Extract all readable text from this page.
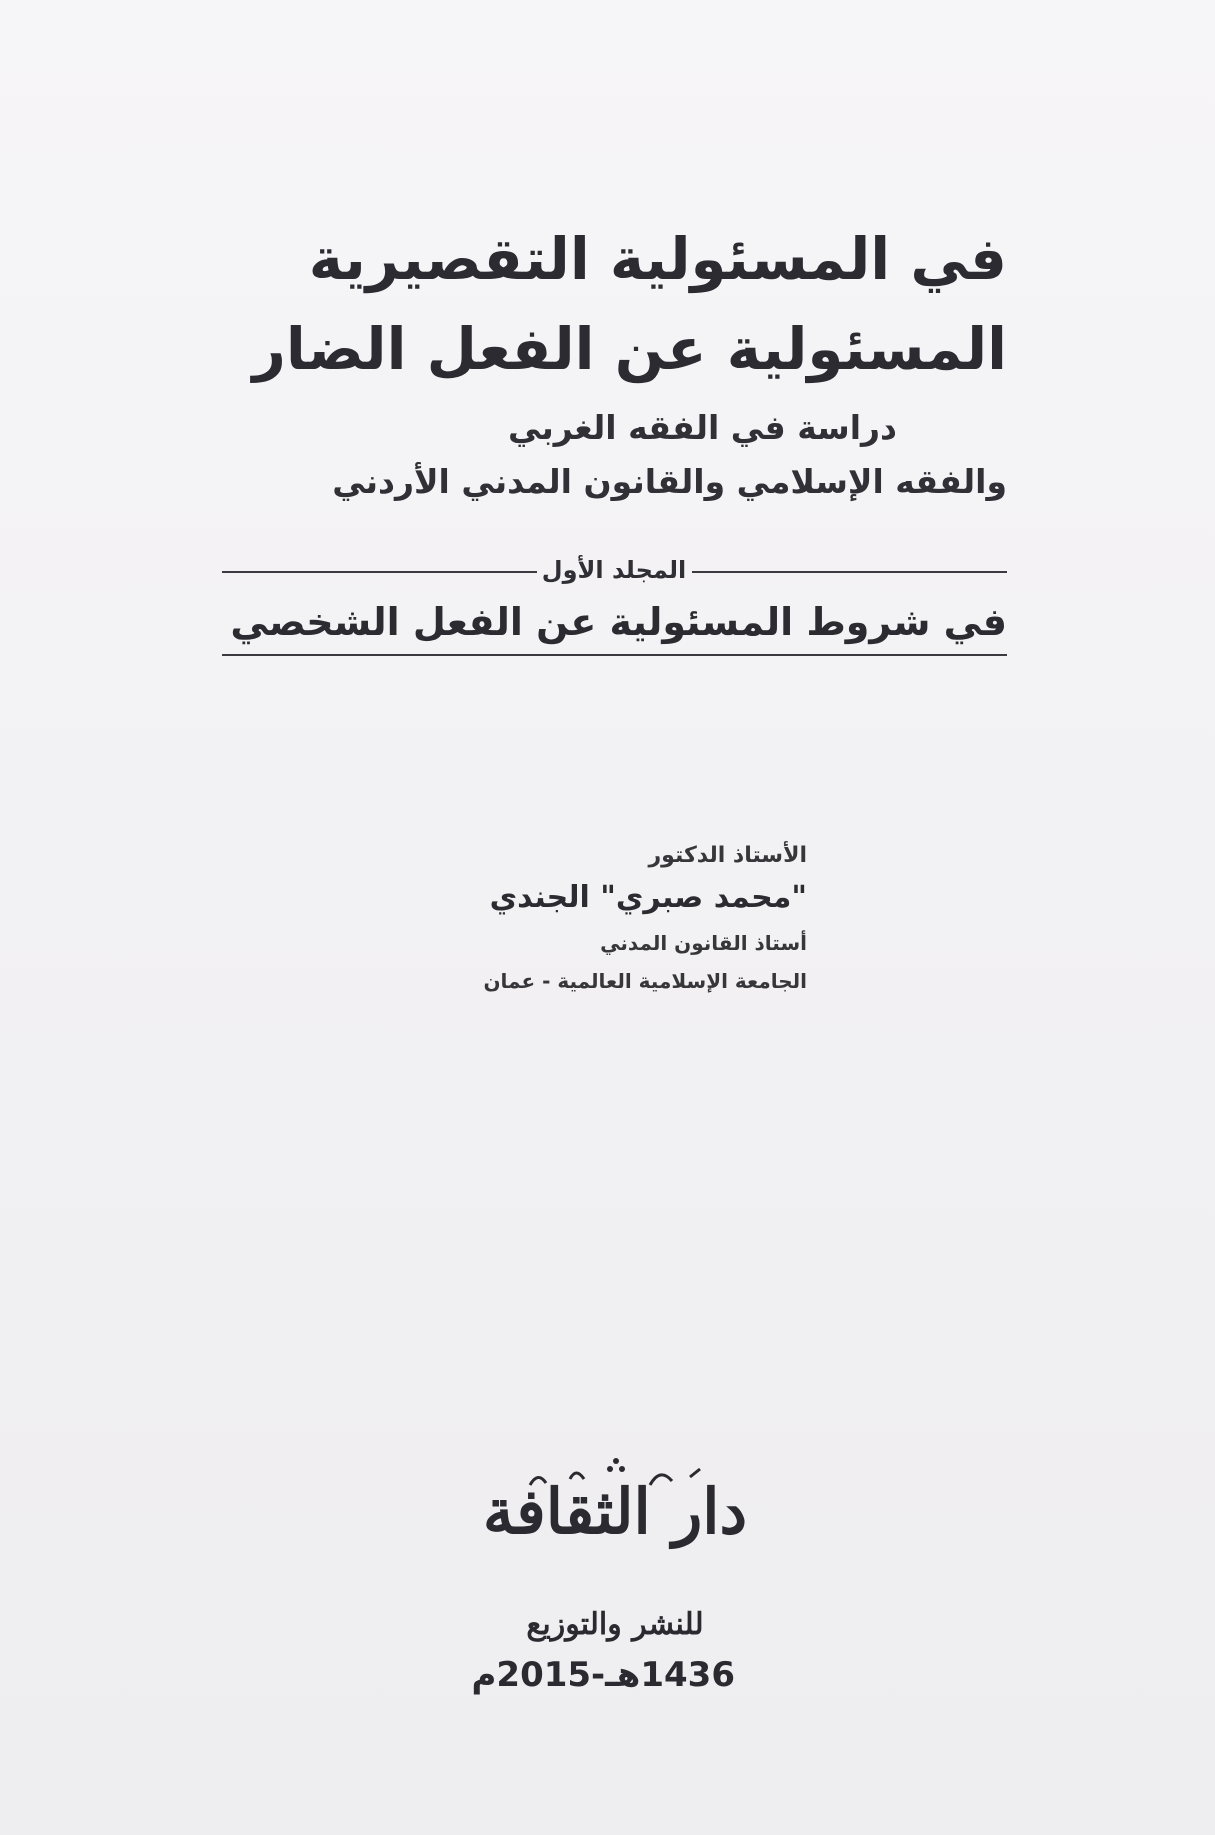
في المسئولية التقصيرية
المسئولية عن الفعل الضار
دراسة في الفقه الغربي
والفقه الإسلامي والقانون المدني الأردني
المجلد الأول
في شروط المسئولية عن الفعل الشخصي
الأستاذ الدكتور
"محمد صبري" الجندي
أستاذ القانون المدني
الجامعة الإسلامية العالمية - عمان
دار الثقافة
للنشر والتوزيع
1436هـ-2015م
